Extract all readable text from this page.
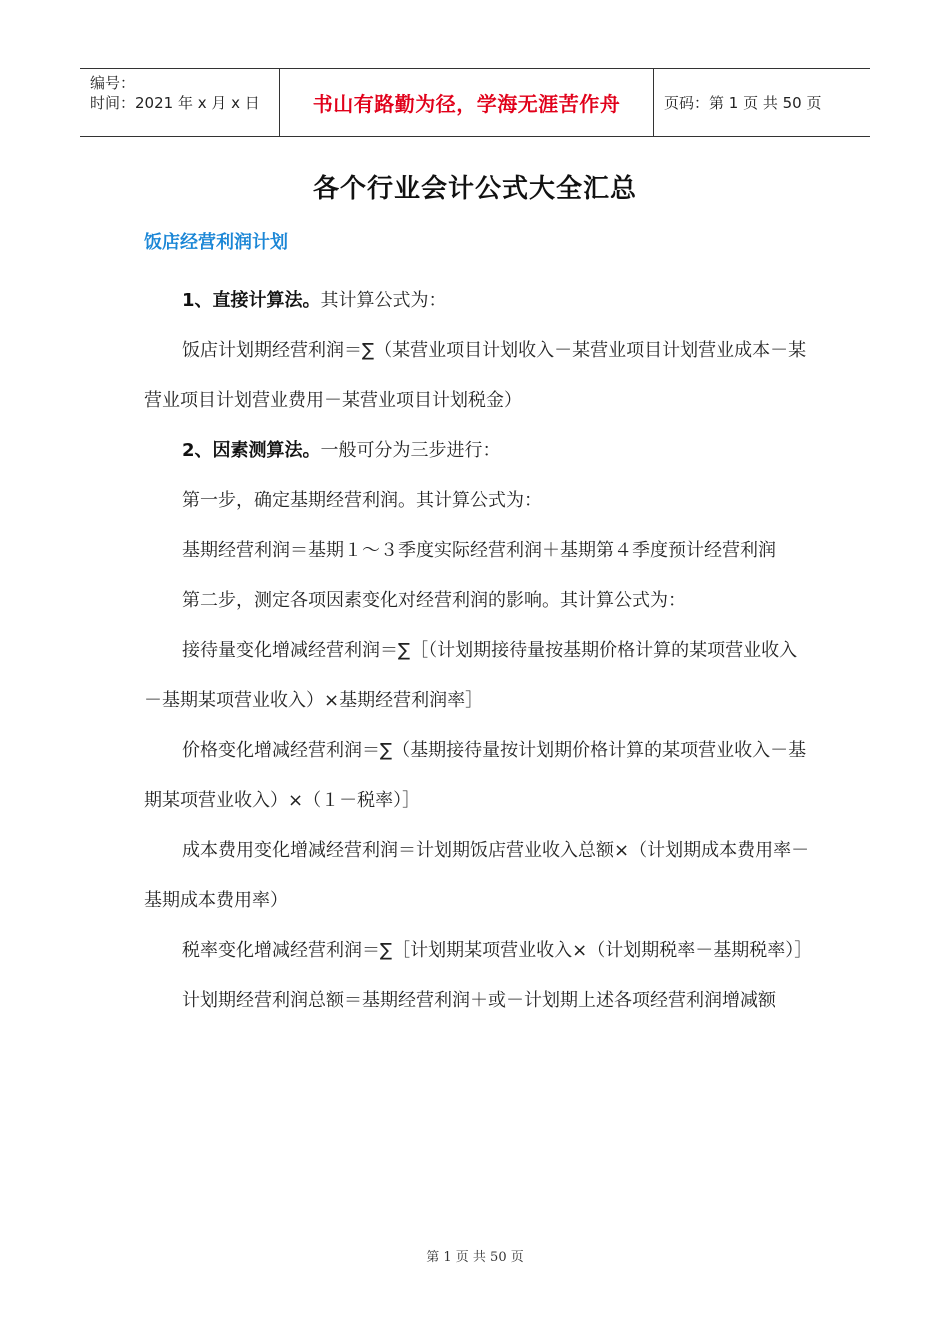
编号：
时间：2021 年 x 月 x 日	书山有路勤为径，学海无涯苦作舟	页码：第 1 页 共 50 页
各个行业会计公式大全汇总
饭店经营利润计划

1、直接计算法。其计算公式为：

饭店计划期经营利润＝∑（某营业项目计划收入－某营业项目计划营业成本－某营业项目计划营业费用－某营业项目计划税金）

2、因素测算法。一般可分为三步进行：

第一步，确定基期经营利润。其计算公式为：

基期经营利润＝基期１～３季度实际经营利润＋基期第４季度预计经营利润

第二步，测定各项因素变化对经营利润的影响。其计算公式为：

接待量变化增减经营利润＝∑［（计划期接待量按基期价格计算的某项营业收入－基期某项营业收入）×基期经营利润率］

价格变化增减经营利润＝∑（基期接待量按计划期价格计算的某项营业收入－基期某项营业收入）×（１－税率）］

成本费用变化增减经营利润＝计划期饭店营业收入总额×（计划期成本费用率－基期成本费用率）

税率变化增减经营利润＝∑［计划期某项营业收入×（计划期税率－基期税率）］

计划期经营利润总额＝基期经营利润＋或－计划期上述各项经营利润增减额

第 1 页 共 50 页
